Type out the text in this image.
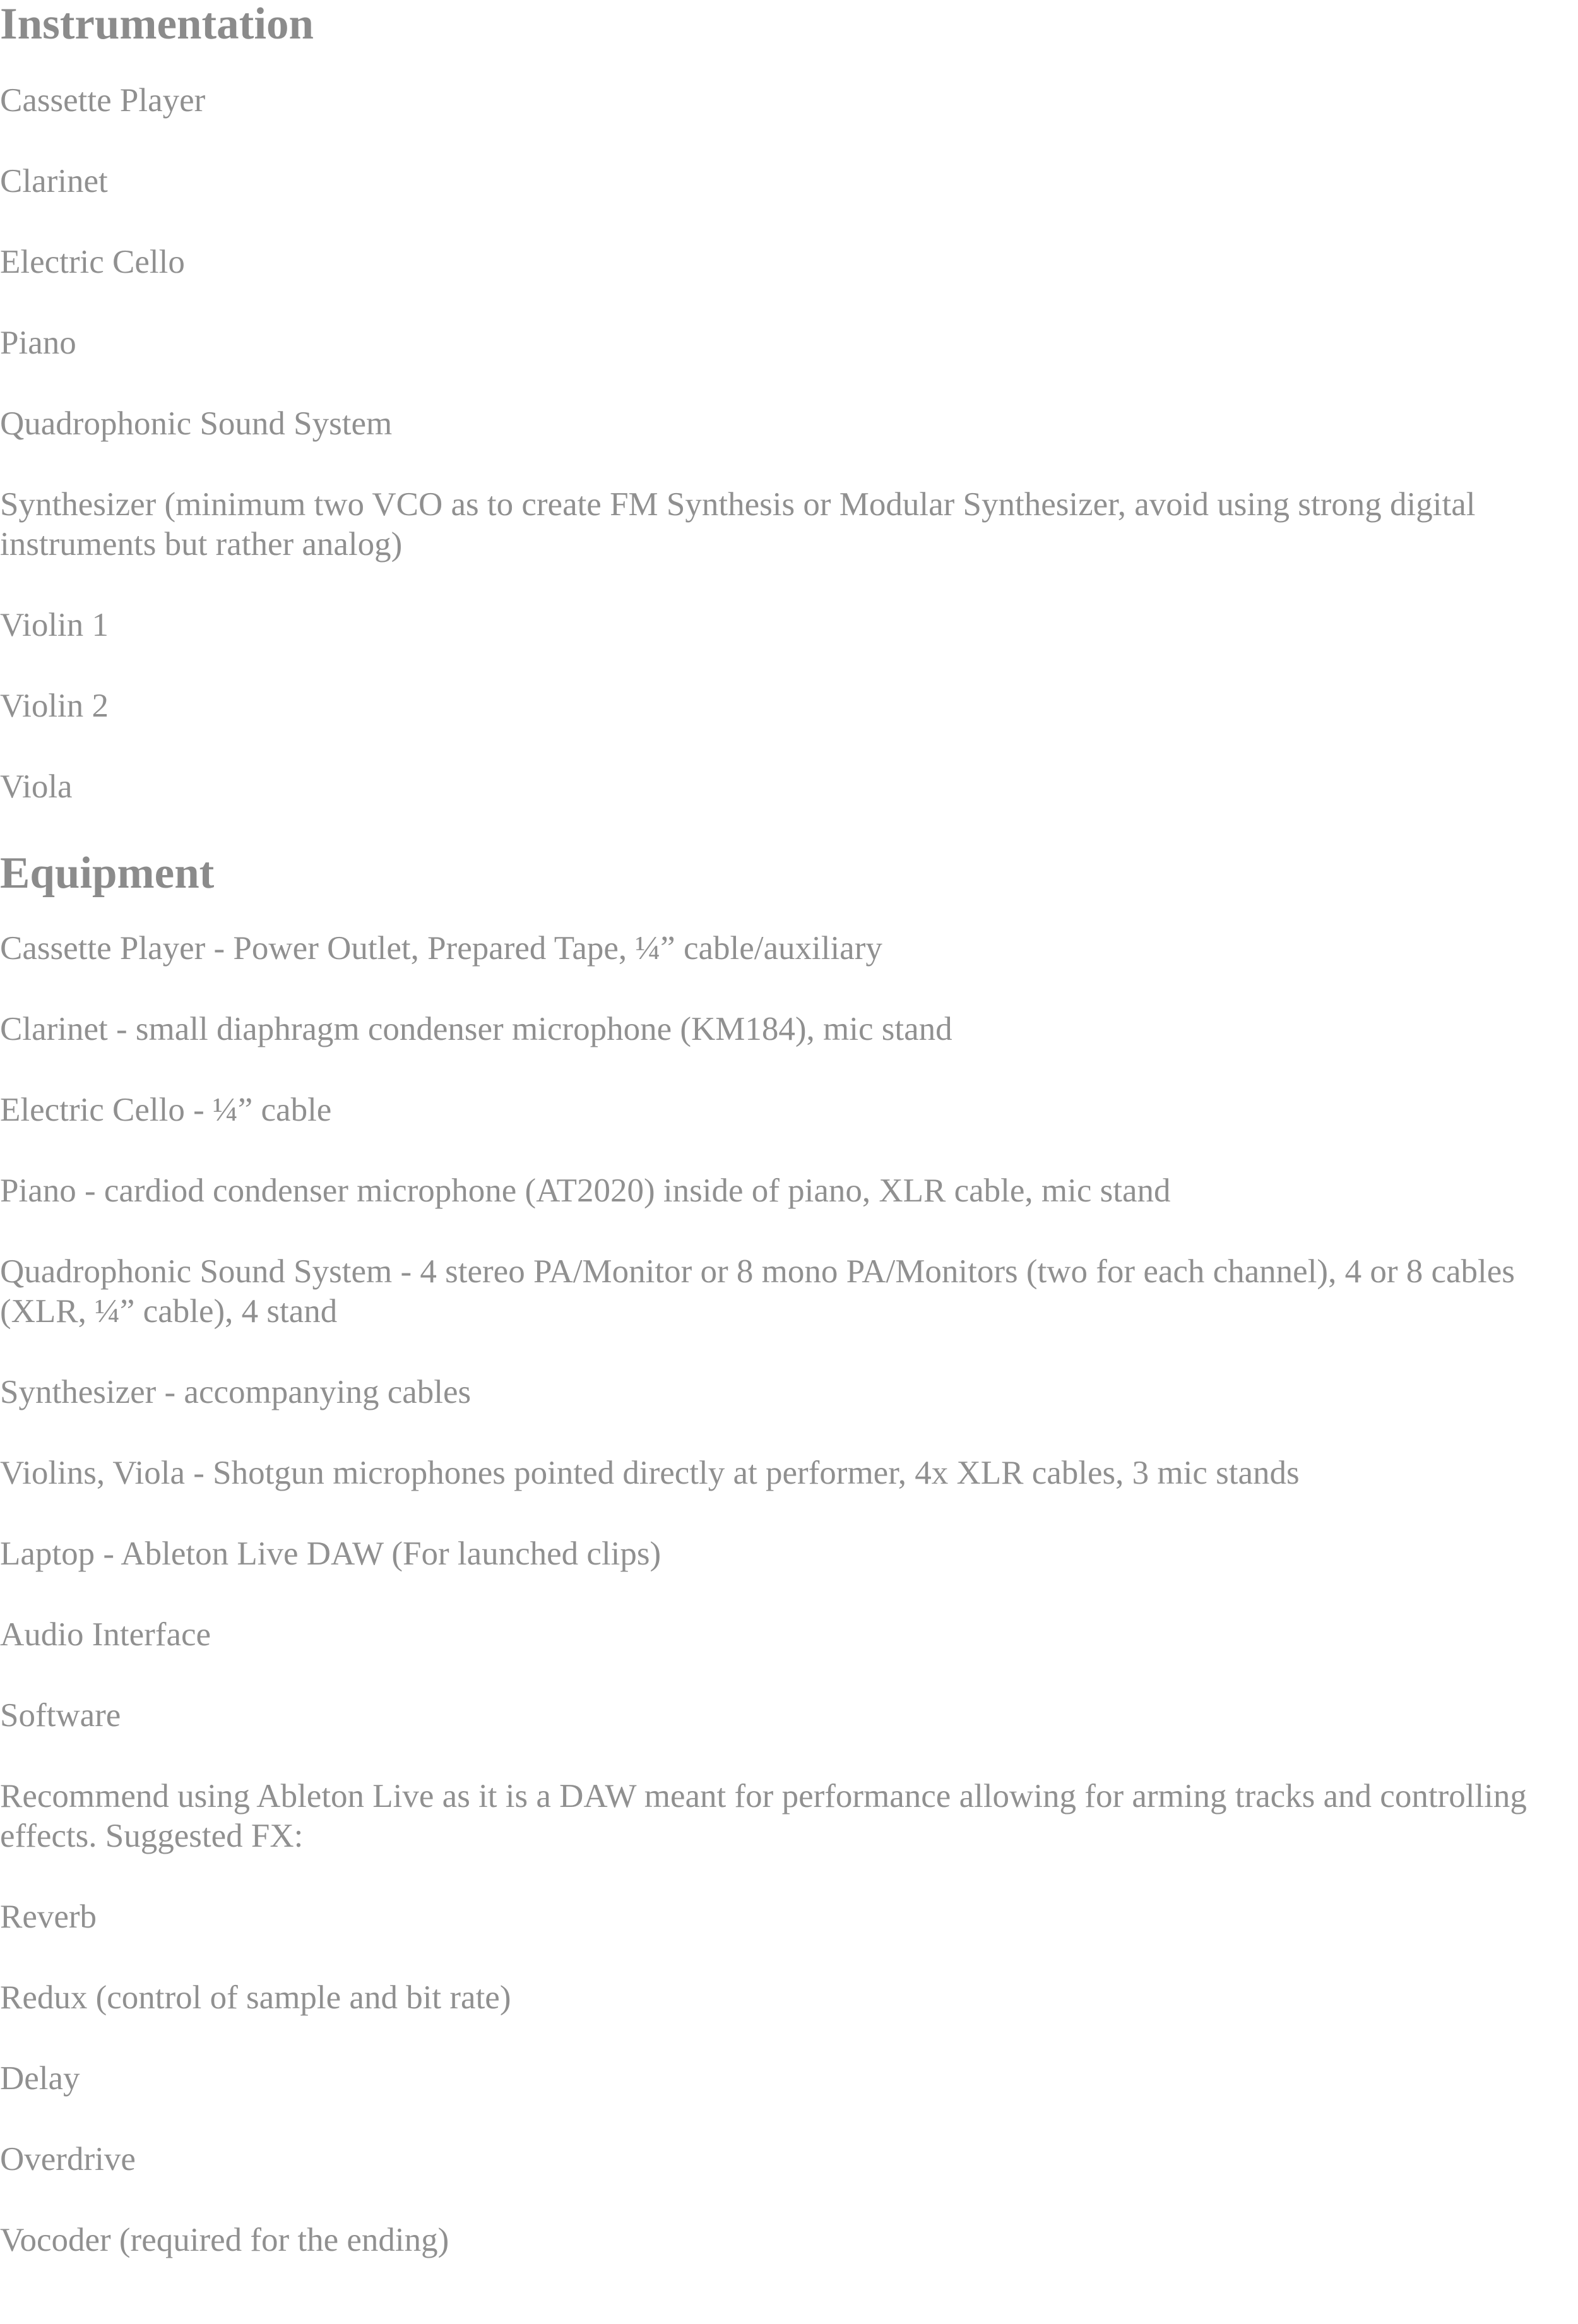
Instrumentation

Cassette Player

Clarinet

Electric Cello

Piano

Quadrophonic Sound System

Synthesizer (minimum two VCO as to create FM Synthesis or Modular Synthesizer, avoid using strong digital instruments but rather analog)

Violin 1

Violin 2

Viola

Equipment

Cassette Player - Power Outlet, Prepared Tape, ¼” cable/auxiliary

Clarinet - small diaphragm condenser microphone (KM184), mic stand

Electric Cello - ¼” cable

Piano - cardiod condenser microphone (AT2020) inside of piano, XLR cable, mic stand

Quadrophonic Sound System - 4 stereo PA/Monitor or 8 mono PA/Monitors (two for each channel), 4 or 8 cables (XLR, ¼” cable), 4 stand

Synthesizer - accompanying cables

Violins, Viola - Shotgun microphones pointed directly at performer, 4x XLR cables, 3 mic stands

Laptop - Ableton Live DAW (For launched clips)

Audio Interface

Software

Recommend using Ableton Live as it is a DAW meant for performance allowing for arming tracks and controlling effects. Suggested FX:

Reverb

Redux (control of sample and bit rate)

Delay

Overdrive

Vocoder (required for the ending)
